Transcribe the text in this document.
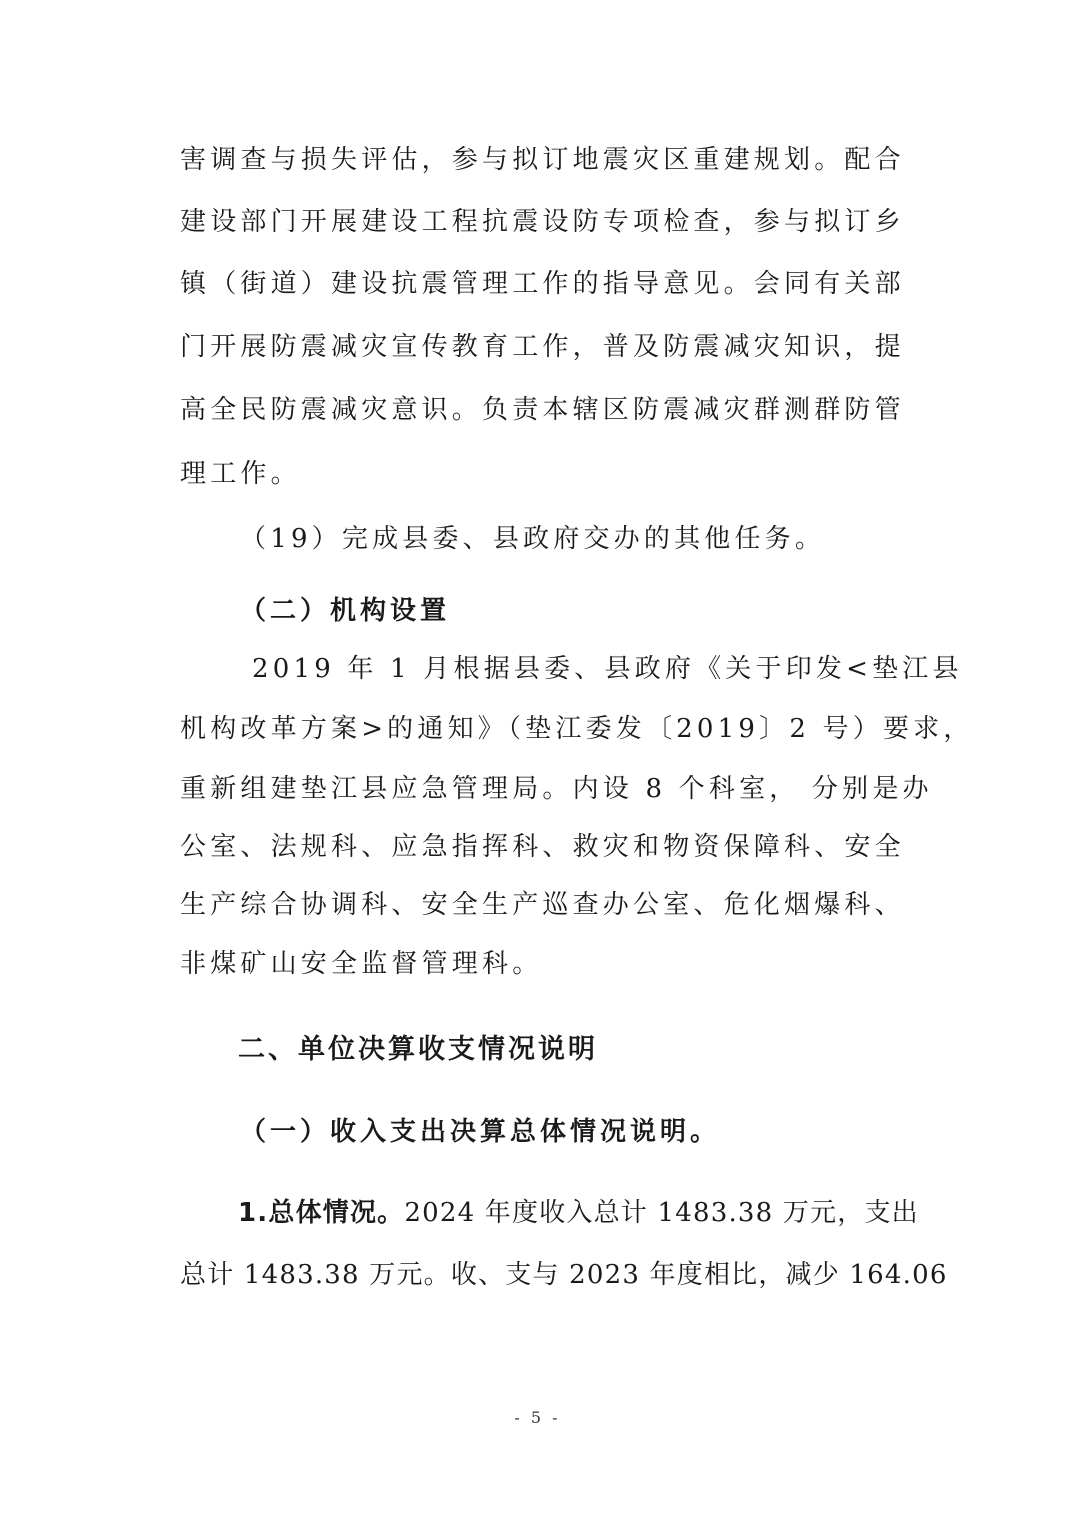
害调查与损失评估，参与拟订地震灾区重建规划。配合
建设部门开展建设工程抗震设防专项检查，参与拟订乡
镇（街道）建设抗震管理工作的指导意见。会同有关部
门开展防震减灾宣传教育工作，普及防震减灾知识，提
高全民防震减灾意识。负责本辖区防震减灾群测群防管
理工作。
（19）完成县委、县政府交办的其他任务。
（二）机构设置
2019 年 1 月根据县委、县政府《关于印发<垫江县
机构改革方案>的通知》（垫江委发〔2019〕2 号）要求，
重新组建垫江县应急管理局。内设 8 个科室， 分别是办
公室、法规科、应急指挥科、救灾和物资保障科、安全
生产综合协调科、安全生产巡查办公室、危化烟爆科、
非煤矿山安全监督管理科。
二、单位决算收支情况说明
（一）收入支出决算总体情况说明。
1.总体情况。2024 年度收入总计 1483.38 万元，支出
总计 1483.38 万元。收、支与 2023 年度相比，减少 164.06
- 5 -
